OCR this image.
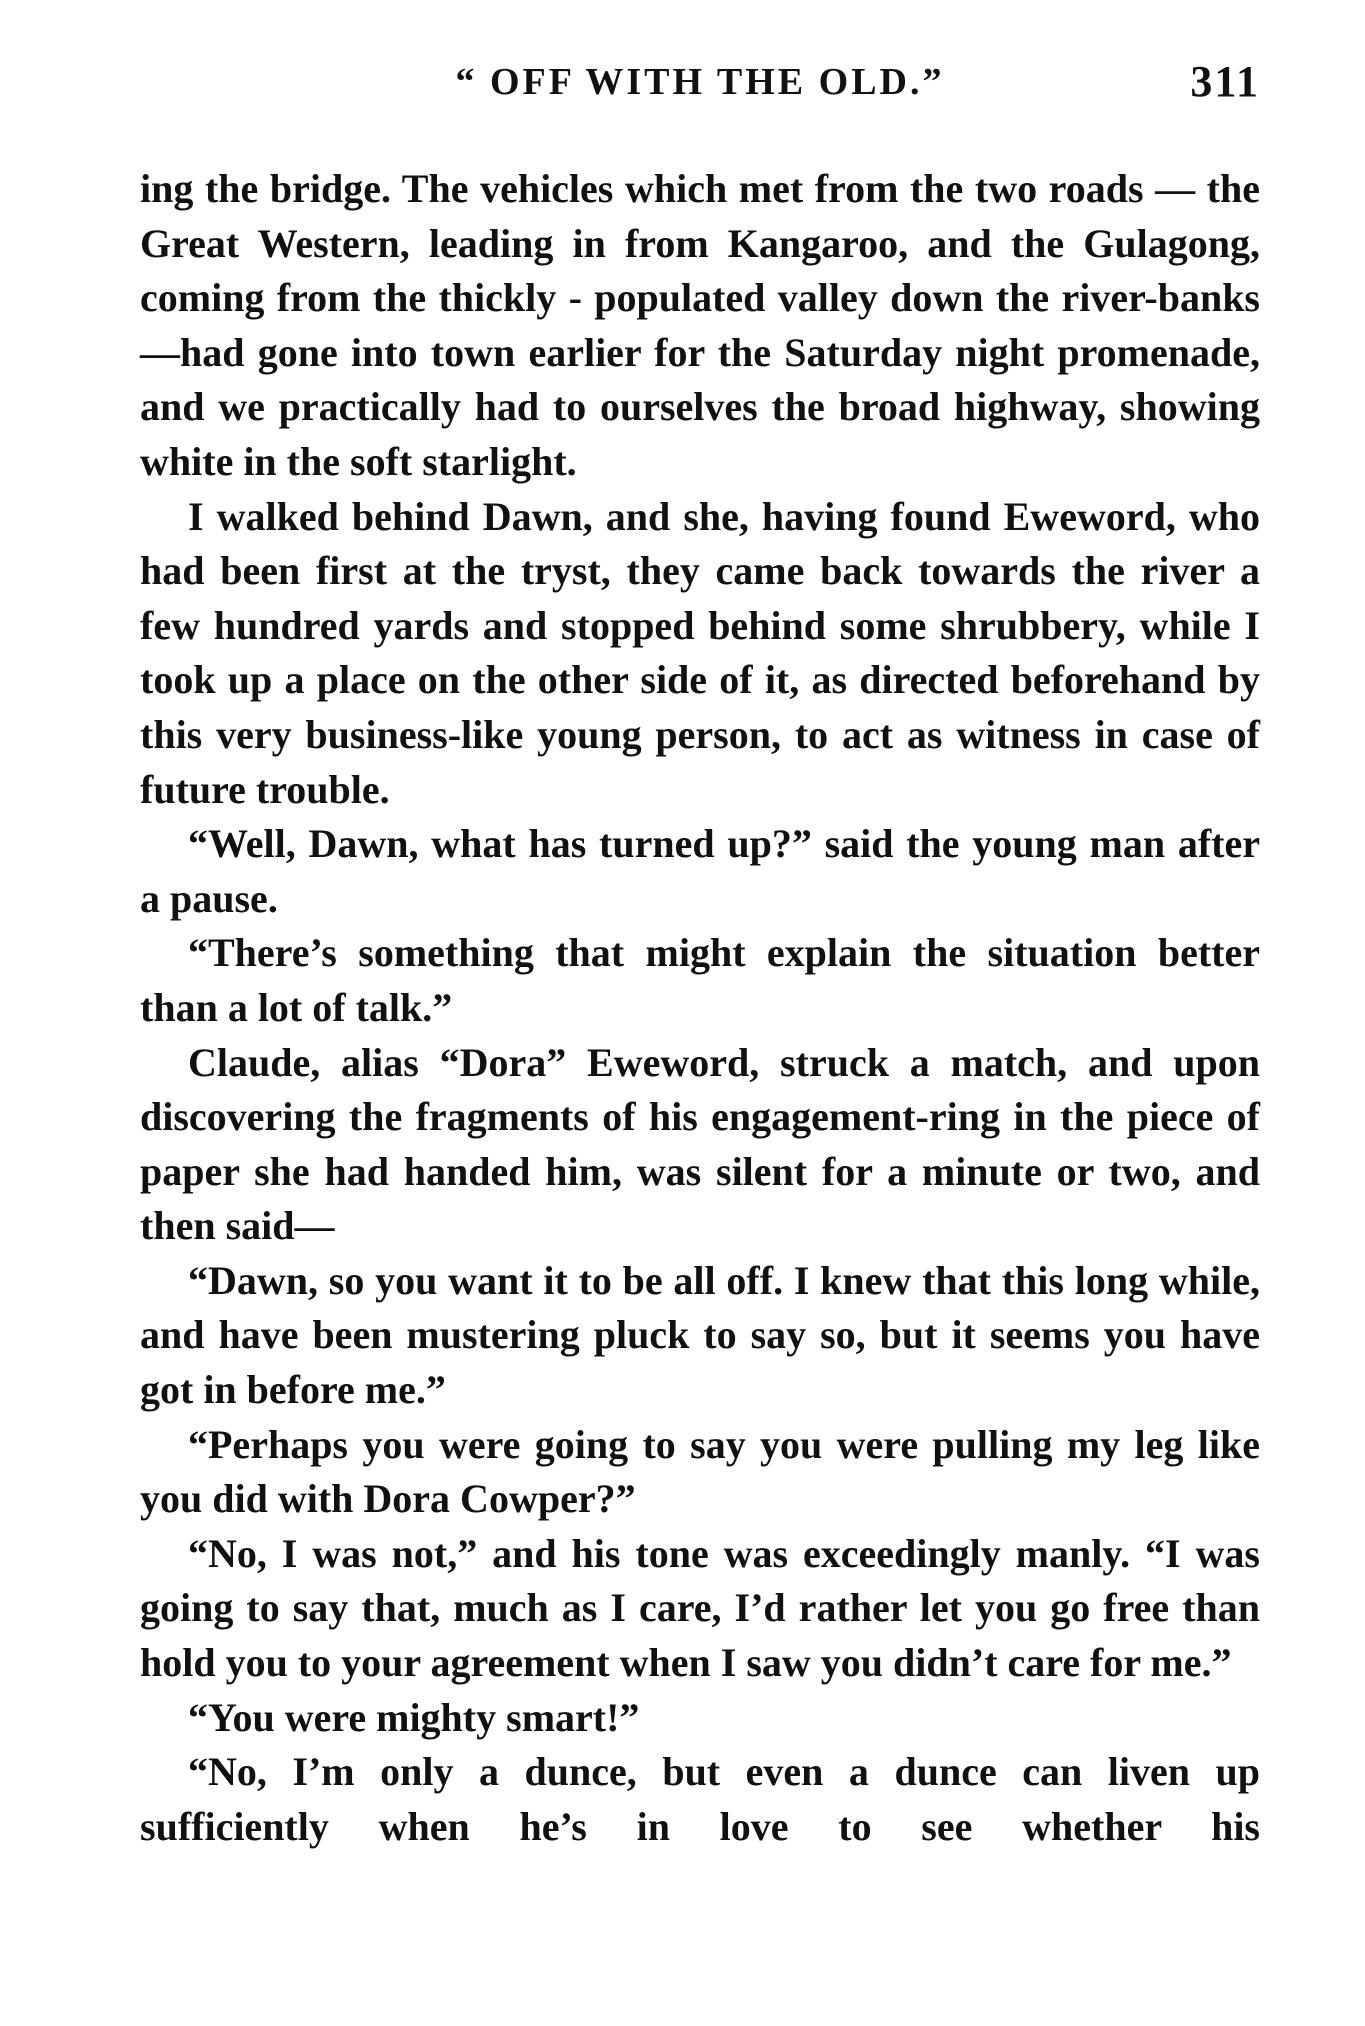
“ OFF WITH THE OLD.”	311

ing the bridge. The vehicles which met from the two roads — the Great Western, leading in from Kangaroo, and the Gulagong, coming from the thickly - populated valley down the river-banks—had gone into town earlier for the Saturday night promenade, and we practically had to ourselves the broad highway, showing white in the soft starlight.

I walked behind Dawn, and she, having found Eweword, who had been first at the tryst, they came back towards the river a few hundred yards and stopped behind some shrubbery, while I took up a place on the other side of it, as directed beforehand by this very business-like young person, to act as witness in case of future trouble.

“Well, Dawn, what has turned up?” said the young man after a pause.

“There’s something that might explain the situation better than a lot of talk.”

Claude, alias “Dora” Eweword, struck a match, and upon discovering the fragments of his engagement-ring in the piece of paper she had handed him, was silent for a minute or two, and then said—

“Dawn, so you want it to be all off. I knew that this long while, and have been mustering pluck to say so, but it seems you have got in before me.”

“Perhaps you were going to say you were pulling my leg like you did with Dora Cowper?”

“No, I was not,” and his tone was exceedingly manly. “I was going to say that, much as I care, I’d rather let you go free than hold you to your agreement when I saw you didn’t care for me.”

“You were mighty smart!”

“No, I’m only a dunce, but even a dunce can liven up sufficiently when he’s in love to see whether his
